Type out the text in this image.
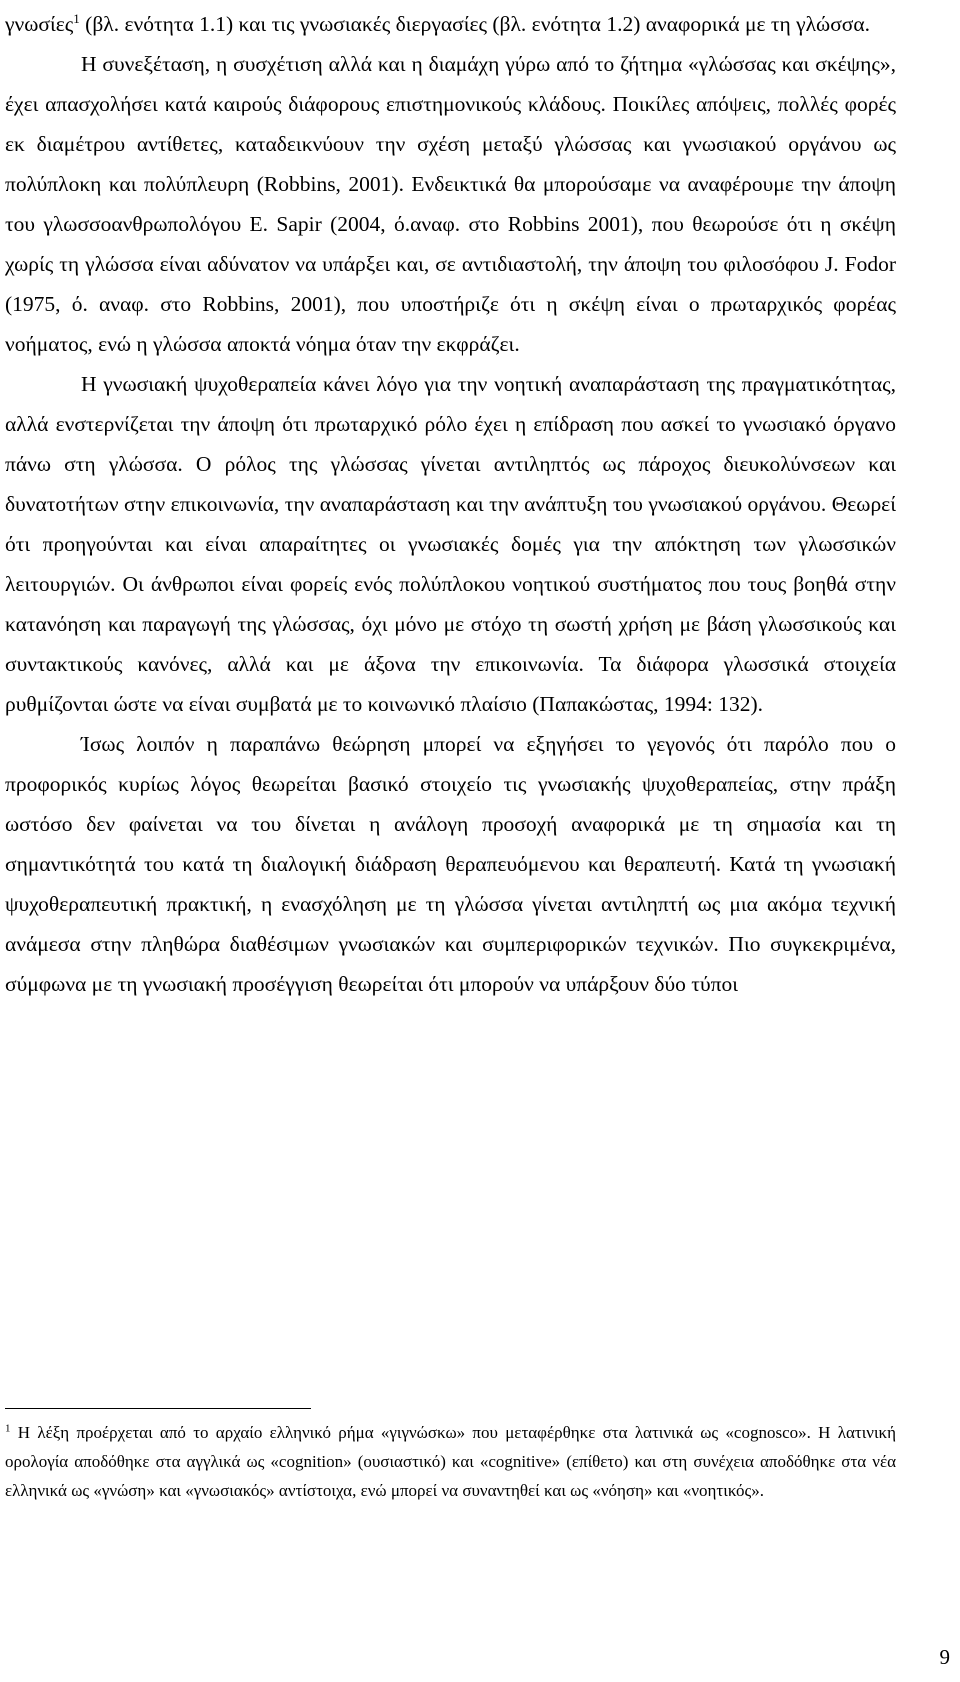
γνωσίες$^1$ (βλ. ενότητα 1.1) και τις γνωσιακές διεργασίες (βλ. ενότητα 1.2) αναφορικά με τη γλώσσα.

Η συνεξέταση, η συσχέτιση αλλά και η διαμάχη γύρω από το ζήτημα «γλώσσας και σκέψης», έχει απασχολήσει κατά καιρούς διάφορους επιστημονικούς κλάδους. Ποικίλες απόψεις, πολλές φορές εκ διαμέτρου αντίθετες, καταδεικνύουν την σχέση μεταξύ γλώσσας και γνωσιακού οργάνου ως πολύπλοκη και πολύπλευρη (Robbins, 2001). Ενδεικτικά θα μπορούσαμε να αναφέρουμε την άποψη του γλωσσοανθρωπολόγου E. Sapir (2004, ό.αναφ. στο Robbins 2001), που θεωρούσε ότι η σκέψη χωρίς τη γλώσσα είναι αδύνατον να υπάρξει και, σε αντιδιαστολή, την άποψη του φιλοσόφου J. Fodor (1975, ό. αναφ. στο Robbins, 2001), που υποστήριζε ότι η σκέψη είναι ο πρωταρχικός φορέας νοήματος, ενώ η γλώσσα αποκτά νόημα όταν την εκφράζει.

Η γνωσιακή ψυχοθεραπεία κάνει λόγο για την νοητική αναπαράσταση της πραγματικότητας, αλλά ενστερνίζεται την άποψη ότι πρωταρχικό ρόλο έχει η επίδραση που ασκεί το γνωσιακό όργανο πάνω στη γλώσσα. Ο ρόλος της γλώσσας γίνεται αντιληπτός ως πάροχος διευκολύνσεων και δυνατοτήτων στην επικοινωνία, την αναπαράσταση και την ανάπτυξη του γνωσιακού οργάνου. Θεωρεί ότι προηγούνται και είναι απαραίτητες οι γνωσιακές δομές για την απόκτηση των γλωσσικών λειτουργιών. Οι άνθρωποι είναι φορείς ενός πολύπλοκου νοητικού συστήματος που τους βοηθά στην κατανόηση και παραγωγή της γλώσσας, όχι μόνο με στόχο τη σωστή χρήση με βάση γλωσσικούς και συντακτικούς κανόνες, αλλά και με άξονα την επικοινωνία. Τα διάφορα γλωσσικά στοιχεία ρυθμίζονται ώστε να είναι συμβατά με το κοινωνικό πλαίσιο (Παπακώστας, 1994: 132).

Ίσως λοιπόν η παραπάνω θεώρηση μπορεί να εξηγήσει το γεγονός ότι παρόλο που ο προφορικός κυρίως λόγος θεωρείται βασικό στοιχείο τις γνωσιακής ψυχοθεραπείας, στην πράξη ωστόσο δεν φαίνεται να του δίνεται η ανάλογη προσοχή αναφορικά με τη σημασία και τη σημαντικότητά του κατά τη διαλογική διάδραση θεραπευόμενου και θεραπευτή. Κατά τη γνωσιακή ψυχοθεραπευτική πρακτική, η ενασχόληση με τη γλώσσα γίνεται αντιληπτή ως μια ακόμα τεχνική ανάμεσα στην πληθώρα διαθέσιμων γνωσιακών και συμπεριφορικών τεχνικών. Πιο συγκεκριμένα, σύμφωνα με τη γνωσιακή προσέγγιση θεωρείται ότι μπορούν να υπάρξουν δύο τύποι

$^1$ Η λέξη προέρχεται από το αρχαίο ελληνικό ρήμα «γιγνώσκω» που μεταφέρθηκε στα λατινικά ως «cognosco». Η λατινική ορολογία αποδόθηκε στα αγγλικά ως «cognition» (ουσιαστικό) και «cognitive» (επίθετο) και στη συνέχεια αποδόθηκε στα νέα ελληνικά ως «γνώση» και «γνωσιακός» αντίστοιχα, ενώ μπορεί να συναντηθεί και ως «νόηση» και «νοητικός».

9
